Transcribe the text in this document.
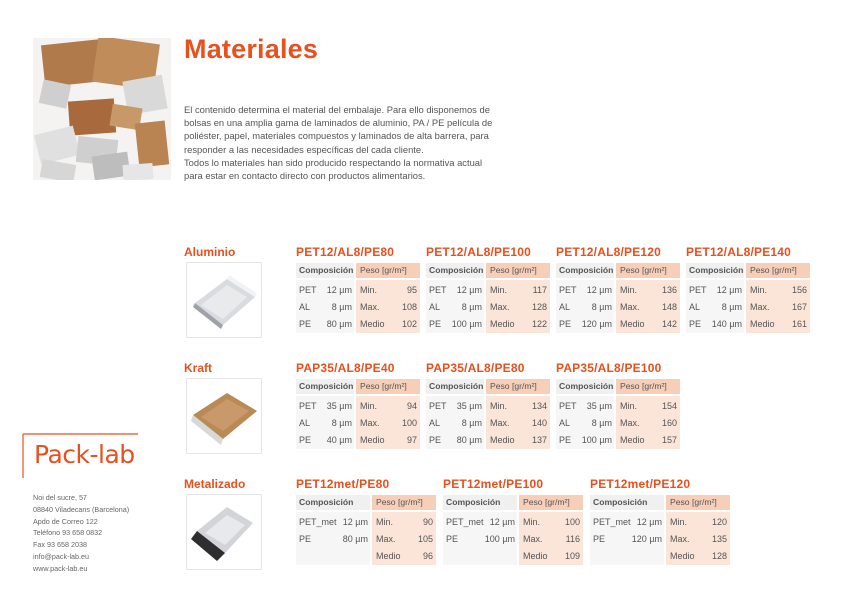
Materiales

El contenido determina el material del embalaje. Para ello disponemos de

bolsas en una amplia gama de laminados de aluminio, PA / PE película de

poliéster, papel, materiales compuestos y laminados de alta barrera, para

responder a las necesidades específicas del cada cliente.

Todos lo materiales han sido producido respectando la normativa actual

para estar en contacto directo con productos alimentarios.

Aluminio
Kraft
Metalizado
PET12/AL8/PE80
Composición Peso [gr/m²]
PET	12 µm
AL	8 µm
PE	80 µm
Min.	95
Max.	108
Medio	102
PET12/AL8/PE100
Composición Peso [gr/m²]
PET	12 µm
AL	8 µm
PE	100 µm
Min.	117
Max.	128
Medio	122
PET12/AL8/PE120
Composición Peso [gr/m²]
PET	12 µm
AL	8 µm
PE	120 µm
Min.	136
Max.	148
Medio	142
PET12/AL8/PE140
Composición Peso [gr/m²]
PET	12 µm
AL	8 µm
PE	140 µm
Min.	156
Max.	167
Medio	161
PAP35/AL8/PE40
Composición Peso [gr/m²]
PET	35 µm
AL	8 µm
PE	40 µm
Min.	94
Max.	100
Medio	97
PAP35/AL8/PE80
Composición Peso [gr/m²]
PET	35 µm
AL	8 µm
PE	80 µm
Min.	134
Max.	140
Medio	137
PAP35/AL8/PE100
Composición Peso [gr/m²]
PET	35 µm
AL	8 µm
PE	100 µm
Min.	154
Max.	160
Medio	157
PET12met/PE80
Composición	Peso [gr/m²]
PET_met 12 µm
PE	80 µm
Min.	90
Max.	105
Medio	96
PET12met/PE100
Composición	Peso [gr/m²]
PET_met 12 µm
PE	100 µm
Min.	100
Max.	116
Medio	109
PET12met/PE120
Composición	Peso [gr/m²]
PET_met 12 µm
PE	120 µm
Min.	120
Max.	135
Medio	128
Pack-lab
Noi del sucre, 57
08840 Viladecans (Barcelona)
Apdo de Correo 122
Teléfono 93 658 0832
Fax 93 658 2038
info@pack-lab.eu
www.pack-lab.eu
